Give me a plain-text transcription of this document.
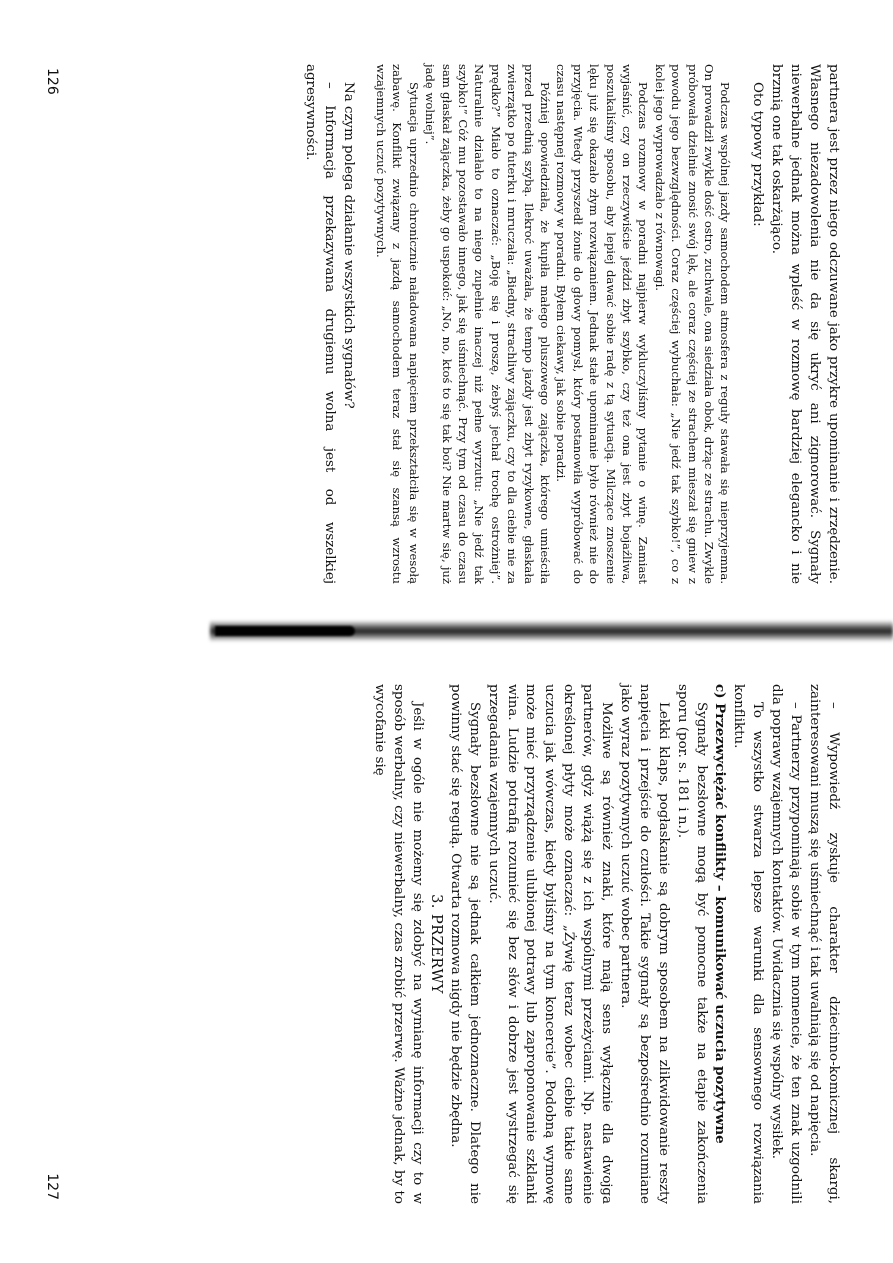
partnera jest przez niego odczuwane jako przykre upominanie i zrzędzenie. Własnego niezadowolenia nie da się ukryć ani zignorować. Sygnały niewerbalne jednak można wpleść w rozmowę bardziej elegancko i nie brzmią one tak oskarżająco.

Oto typowy przykład:

Podczas wspólnej jazdy samochodem atmosfera z reguły stawała się nieprzyjemna. On prowadził zwykle dość ostro, zuchwale, ona siedziała obok, drżąc ze strachu. Zwykle próbowała dzielnie znosić swój lęk, ale coraz częściej ze strachem mieszał się gniew z powodu jego bezwzględności. Coraz częściej wybuchała: „Nie jedź tak szybko!”, co z kolei jego wyprowadzało z równowagi.

Podczas rozmowy w poradni najpierw wykluczyliśmy pytanie o winę. Zamiast wyjaśnić, czy on rzeczywiście jeździ zbyt szybko, czy też ona jest zbyt bojaźliwa, poszukaliśmy sposobu, aby lepiej dawać sobie radę z tą sytuacją. Milczące znoszenie lęku już się okazało złym rozwiązaniem. Jednak stałe upominanie było również nie do przyjęcia. Wtedy przyszedł żonie do głowy pomysł, który postanowiła wypróbować do czasu następnej rozmowy w poradni. Byłem ciekawy, jak sobie poradzi.

Później opowiedziała, że kupiła małego pluszowego zajączka, którego umieściła przed przednią szybą. Ilekroć uważała, że tempo jazdy jest zbyt ryzykowne, głaskała zwierzątko po futerku i mruczała: „Biedny, strachliwy zajączku, czy to dla ciebie nie za prędko?” Miało to oznaczać: „Boję się i proszę, żebyś jechał trochę ostrożniej”. Naturalnie działało to na niego zupełnie inaczej niż pełne wyrzutu: „Nie jedź tak szybko!” Cóż mu pozostawało innego, jak się uśmiechnąć. Przy tym od czasu do czasu sam głaskał zajączka, żeby go uspokoić: „No, no, ktoś to się tak boi? Nie martw się, już jadę wolniej”.

Sytuacja uprzednio chronicznie naładowana napięciem przekształciła się w wesołą zabawę. Konflikt związany z jazdą samochodem teraz stał się szansą wzrostu wzajemnych uczuć pozytywnych.

Na czym polega działanie wszystkich sygnałów?

– Informacja przekazywana drugiemu wolna jest od wszelkiej agresywności.

126

– Wypowiedź zyskuje charakter dziecinno-komicznej skargi, zainteresowani muszą się uśmiechnąć i tak uwalniają się od napięcia.

– Partnerzy przypominają sobie w tym momencie, że ten znak uzgodnili dla poprawy wzajemnych kontaktów. Uwidacznia się wspólny wysiłek.

To wszystko stwarza lepsze warunki dla sensownego rozwiązania konfliktu.

c) Przezwyciężać konflikty – komunikować uczucia pozytywne

Sygnały bezsłowne mogą być pomocne także na etapie zakończenia sporu (por. s. 181 i n.).

Lekki klaps, pogłaskanie są dobrym sposobem na zlikwidowanie reszty napięcia i przejście do czułości. Takie sygnały są bezpośrednio rozumiane jako wyraz pozytywnych uczuć wobec partnera.

Możliwe są również znaki, które mają sens wyłącznie dla dwojga partnerów, gdyż wiążą się z ich wspólnymi przeżyciami. Np. nastawienie określonej płyty może oznaczać: „Żywię teraz wobec ciebie takie same uczucia jak wówczas, kiedy byliśmy na tym koncercie”. Podobną wymowę może mieć przyrządzenie ulubionej potrawy lub zaproponowanie szklanki wina. Ludzie potrafią rozumieć się bez słów i dobrze jest wystrzegać się przegadania wzajemnych uczuć.

Sygnały bezsłowne nie są jednak całkiem jednoznaczne. Dlatego nie powinny stać się regułą. Otwarta rozmowa nigdy nie będzie zbędna.

3. PRZERWY

Jeśli w ogóle nie możemy się zdobyć na wymianę informacji czy to w sposób werbalny, czy niewerbalny, czas zrobić przerwę. Ważne jednak, by to wycofanie się

127
